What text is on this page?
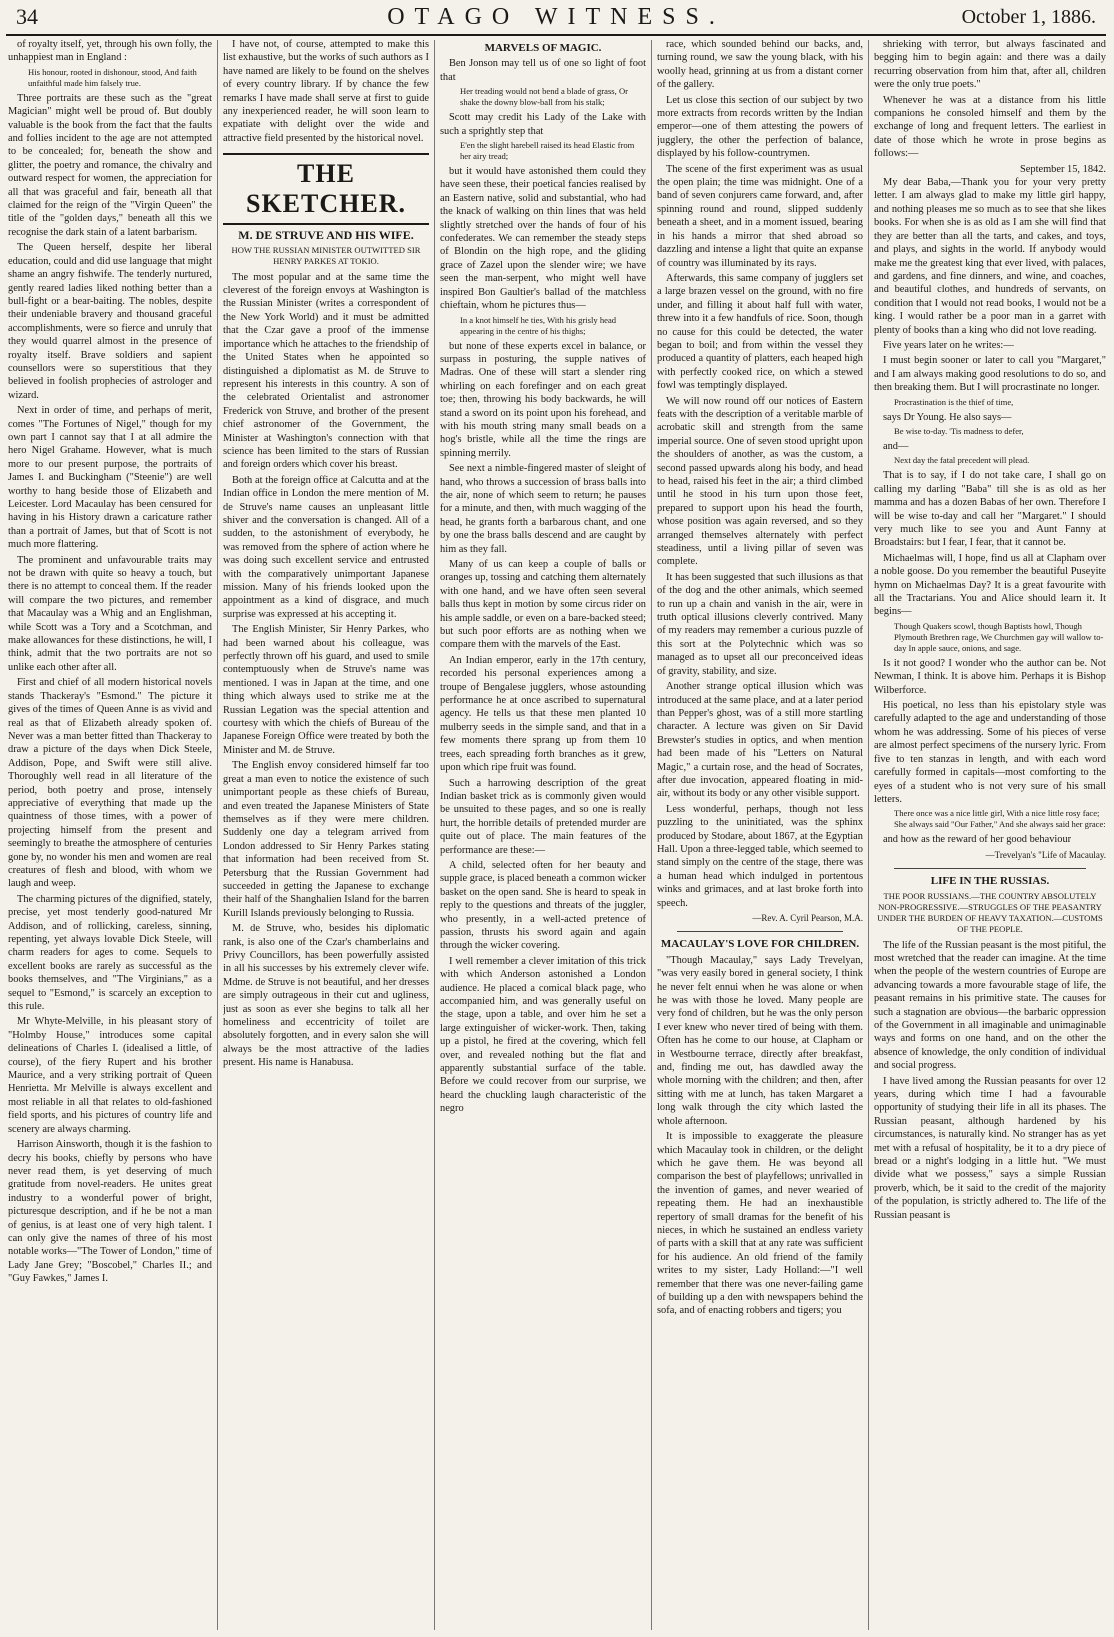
34	OTAGO WITNESS.	October 1, 1886.

of royalty itself, yet, through his own folly, the unhappiest man in England :

His honour, rooted in dishonour, stood, And faith unfaithful made him falsely true.

Three portraits are these such as the "great Magician" might well be proud of. But doubly valuable is the book from the fact that the faults and follies incident to the age are not attempted to be concealed; for, beneath the show and glitter, the poetry and romance, the chivalry and outward respect for women, the appreciation for all that was graceful and fair, beneath all that claimed for the reign of the "Virgin Queen" the title of the "golden days," beneath all this we recognise the dark stain of a latent barbarism.

The Queen herself, despite her liberal education, could and did use language that might shame an angry fishwife. The tenderly nurtured, gently reared ladies liked nothing better than a bull-fight or a bear-baiting. The nobles, despite their undeniable bravery and thousand graceful accomplishments, were so fierce and unruly that they would quarrel almost in the presence of royalty itself. Brave soldiers and sapient counsellors were so superstitious that they believed in foolish prophecies of astrologer and wizard.

Next in order of time, and perhaps of merit, comes "The Fortunes of Nigel," though for my own part I cannot say that I at all admire the hero Nigel Grahame. However, what is much more to our present purpose, the portraits of James I. and Buckingham ("Steenie") are well worthy to hang beside those of Elizabeth and Leicester. Lord Macaulay has been censured for having in his History drawn a caricature rather than a portrait of James, but that of Scott is not much more flattering.

The prominent and unfavourable traits may not be drawn with quite so heavy a touch, but there is no attempt to conceal them. If the reader will compare the two pictures, and remember that Macaulay was a Whig and an Englishman, while Scott was a Tory and a Scotchman, and make allowances for these distinctions, he will, I think, admit that the two portraits are not so unlike each other after all.

First and chief of all modern historical novels stands Thackeray's "Esmond." The picture it gives of the times of Queen Anne is as vivid and real as that of Elizabeth already spoken of. Never was a man better fitted than Thackeray to draw a picture of the days when Dick Steele, Addison, Pope, and Swift were still alive. Thoroughly well read in all literature of the period, both poetry and prose, intensely appreciative of everything that made up the quaintness of those times, with a power of projecting himself from the present and seemingly to breathe the atmosphere of centuries gone by, no wonder his men and women are real creatures of flesh and blood, with whom we laugh and weep.

The charming pictures of the dignified, stately, precise, yet most tenderly good-natured Mr Addison, and of rollicking, careless, sinning, repenting, yet always lovable Dick Steele, will charm readers for ages to come. Sequels to excellent books are rarely as successful as the books themselves, and "The Virginians," as a sequel to "Esmond," is scarcely an exception to this rule.

Mr Whyte-Melville, in his pleasant story of "Holmby House," introduces some capital delineations of Charles I. (idealised a little, of course), of the fiery Rupert and his brother Maurice, and a very striking portrait of Queen Henrietta. Mr Melville is always excellent and most reliable in all that relates to old-fashioned field sports, and his pictures of country life and scenery are always charming.

Harrison Ainsworth, though it is the fashion to decry his books, chiefly by persons who have never read them, is yet deserving of much gratitude from novel-readers. He unites great industry to a wonderful power of bright, picturesque description, and if he be not a man of genius, is at least one of very high talent. I can only give the names of three of his most notable works—"The Tower of London," time of Lady Jane Grey; "Boscobel," Charles II.; and "Guy Fawkes," James I.

I have not, of course, attempted to make this list exhaustive, but the works of such authors as I have named are likely to be found on the shelves of every country library. If by chance the few remarks I have made shall serve at first to guide any inexperienced reader, he will soon learn to expatiate with delight over the wide and attractive field presented by the historical novel.

THE SKETCHER.
M. DE STRUVE AND HIS WIFE.
HOW THE RUSSIAN MINISTER OUTWITTED SIR HENRY PARKES AT TOKIO.

The most popular and at the same time the cleverest of the foreign envoys at Washington is the Russian Minister (writes a correspondent of the New York World) and it must be admitted that the Czar gave a proof of the immense importance which he attaches to the friendship of the United States when he appointed so distinguished a diplomatist as M. de Struve to represent his interests in this country. A son of the celebrated Orientalist and astronomer Frederick von Struve, and brother of the present chief astronomer of the Government, the Minister at Washington's connection with that science has been limited to the stars of Russian and foreign orders which cover his breast.

Both at the foreign office at Calcutta and at the Indian office in London the mere mention of M. de Struve's name causes an unpleasant little shiver and the conversation is changed. All of a sudden, to the astonishment of everybody, he was removed from the sphere of action where he was doing such excellent service and entrusted with the comparatively unimportant Japanese mission. Many of his friends looked upon the appointment as a kind of disgrace, and much surprise was expressed at his accepting it.

The English Minister, Sir Henry Parkes, who had been warned about his colleague, was perfectly thrown off his guard, and used to smile contemptuously when de Struve's name was mentioned. I was in Japan at the time, and one thing which always used to strike me at the Russian Legation was the special attention and courtesy with which the chiefs of Bureau of the Japanese Foreign Office were treated by both the Minister and M. de Struve.

The English envoy considered himself far too great a man even to notice the existence of such unimportant people as these chiefs of Bureau, and even treated the Japanese Ministers of State themselves as if they were mere children. Suddenly one day a telegram arrived from London addressed to Sir Henry Parkes stating that information had been received from St. Petersburg that the Russian Government had succeeded in getting the Japanese to exchange their half of the Shanghalien Island for the barren Kurill Islands previously belonging to Russia.

M. de Struve, who, besides his diplomatic rank, is also one of the Czar's chamberlains and Privy Councillors, has been powerfully assisted in all his successes by his extremely clever wife. Mdme. de Struve is not beautiful, and her dresses are simply outrageous in their cut and ugliness, just as soon as ever she begins to talk all her homeliness and eccentricity of toilet are absolutely forgotten, and in every salon she will always be the most attractive of the ladies present. His name is Hanabusa.

MARVELS OF MAGIC.

Ben Jonson may tell us of one so light of foot that

Her treading would not bend a blade of grass, Or shake the downy blow-ball from his stalk;

Scott may credit his Lady of the Lake with such a sprightly step that

E'en the slight harebell raised its head Elastic from her airy tread;

but it would have astonished them could they have seen these, their poetical fancies realised by an Eastern native, solid and substantial, who had the knack of walking on thin lines that was held slightly stretched over the hands of four of his confederates. We can remember the steady steps of Blondin on the high rope, and the gliding grace of Zazel upon the slender wire; we have seen the man-serpent, who might well have inspired Bon Gaultier's ballad of the matchless chieftain, whom he pictures thus—

In a knot himself he ties, With his grisly head appearing in the centre of his thighs;

but none of these experts excel in balance, or surpass in posturing, the supple natives of Madras. One of these will start a slender ring whirling on each forefinger and on each great toe; then, throwing his body backwards, he will stand a sword on its point upon his forehead, and with his mouth string many small beads on a hog's bristle, while all the time the rings are spinning merrily.

See next a nimble-fingered master of sleight of hand, who throws a succession of brass balls into the air, none of which seem to return; he pauses for a minute, and then, with much wagging of the head, he grants forth a barbarous chant, and one by one the brass balls descend and are caught by him as they fall.

Many of us can keep a couple of balls or oranges up, tossing and catching them alternately with one hand, and we have often seen several balls thus kept in motion by some circus rider on his ample saddle, or even on a bare-backed steed; but such poor efforts are as nothing when we compare them with the marvels of the East.

An Indian emperor, early in the 17th century, recorded his personal experiences among a troupe of Bengalese jugglers, whose astounding performance he at once ascribed to supernatural agency. He tells us that these men planted 10 mulberry seeds in the simple sand, and that in a few moments there sprang up from them 10 trees, each spreading forth branches as it grew, upon which ripe fruit was found.

Such a harrowing description of the great Indian basket trick as is commonly given would be unsuited to these pages, and so one is really hurt, the horrible details of pretended murder are quite out of place. The main features of the performance are these:—

A child, selected often for her beauty and supple grace, is placed beneath a common wicker basket on the open sand. She is heard to speak in reply to the questions and threats of the juggler, who presently, in a well-acted pretence of passion, thrusts his sword again and again through the wicker covering.

I well remember a clever imitation of this trick with which Anderson astonished a London audience. He placed a comical black page, who accompanied him, and was generally useful on the stage, upon a table, and over him he set a large extinguisher of wicker-work. Then, taking up a pistol, he fired at the covering, which fell over, and revealed nothing but the flat and apparently substantial surface of the table. Before we could recover from our surprise, we heard the chuckling laugh characteristic of the negro

race, which sounded behind our backs, and, turning round, we saw the young black, with his woolly head, grinning at us from a distant corner of the gallery.

Let us close this section of our subject by two more extracts from records written by the Indian emperor—one of them attesting the powers of jugglery, the other the perfection of balance, displayed by his follow-countrymen.

The scene of the first experiment was as usual the open plain; the time was midnight. One of a band of seven conjurers came forward, and, after spinning round and round, slipped suddenly beneath a sheet, and in a moment issued, bearing in his hands a mirror that shed abroad so dazzling and intense a light that quite an expanse of country was illuminated by its rays.

Afterwards, this same company of jugglers set a large brazen vessel on the ground, with no fire under, and filling it about half full with water, threw into it a few handfuls of rice. Soon, though no cause for this could be detected, the water began to boil; and from within the vessel they produced a quantity of platters, each heaped high with perfectly cooked rice, on which a stewed fowl was temptingly displayed.

We will now round off our notices of Eastern feats with the description of a veritable marble of acrobatic skill and strength from the same imperial source. One of seven stood upright upon the shoulders of another, as was the custom, a second passed upwards along his body, and head to head, raised his feet in the air; a third climbed until he stood in his turn upon those feet, prepared to support upon his head the fourth, whose position was again reversed, and so they arranged themselves alternately with perfect steadiness, until a living pillar of seven was complete.

It has been suggested that such illusions as that of the dog and the other animals, which seemed to run up a chain and vanish in the air, were in truth optical illusions cleverly contrived. Many of my readers may remember a curious puzzle of this sort at the Polytechnic which was so managed as to upset all our preconceived ideas of gravity, stability, and size.

Another strange optical illusion which was introduced at the same place, and at a later period than Pepper's ghost, was of a still more startling character. A lecture was given on Sir David Brewster's studies in optics, and when mention had been made of his "Letters on Natural Magic," a curtain rose, and the head of Socrates, after due invocation, appeared floating in mid-air, without its body or any other visible support.

Less wonderful, perhaps, though not less puzzling to the uninitiated, was the sphinx produced by Stodare, about 1867, at the Egyptian Hall. Upon a three-legged table, which seemed to stand simply on the centre of the stage, there was a human head which indulged in portentous winks and grimaces, and at last broke forth into speech.

—Rev. A. Cyril Pearson, M.A.
MACAULAY'S LOVE FOR CHILDREN.

"Though Macaulay," says Lady Trevelyan, "was very easily bored in general society, I think he never felt ennui when he was alone or when he was with those he loved. Many people are very fond of children, but he was the only person I ever knew who never tired of being with them. Often has he come to our house, at Clapham or in Westbourne terrace, directly after breakfast, and, finding me out, has dawdled away the whole morning with the children; and then, after sitting with me at lunch, has taken Margaret a long walk through the city which lasted the whole afternoon.

It is impossible to exaggerate the pleasure which Macaulay took in children, or the delight which he gave them. He was beyond all comparison the best of playfellows; unrivalled in the invention of games, and never wearied of repeating them. He had an inexhaustible repertory of small dramas for the benefit of his nieces, in which he sustained an endless variety of parts with a skill that at any rate was sufficient for his audience. An old friend of the family writes to my sister, Lady Holland:—"I well remember that there was one never-failing game of building up a den with newspapers behind the sofa, and of enacting robbers and tigers; you

shrieking with terror, but always fascinated and begging him to begin again: and there was a daily recurring observation from him that, after all, children were the only true poets."

Whenever he was at a distance from his little companions he consoled himself and them by the exchange of long and frequent letters. The earliest in date of those which he wrote in prose begins as follows:—

September 15, 1842.

My dear Baba,—Thank you for your very pretty letter. I am always glad to make my little girl happy, and nothing pleases me so much as to see that she likes books. For when she is as old as I am she will find that they are better than all the tarts, and cakes, and toys, and plays, and sights in the world. If anybody would make me the greatest king that ever lived, with palaces, and gardens, and fine dinners, and wine, and coaches, and beautiful clothes, and hundreds of servants, on condition that I would not read books, I would not be a king. I would rather be a poor man in a garret with plenty of books than a king who did not love reading.

Five years later on he writes:—

I must begin sooner or later to call you "Margaret," and I am always making good resolutions to do so, and then breaking them. But I will procrastinate no longer.

Procrastination is the thief of time,

says Dr Young. He also says—

Be wise to-day. 'Tis madness to defer,

and—

Next day the fatal precedent will plead.

That is to say, if I do not take care, I shall go on calling my darling "Baba" till she is as old as her mamma and has a dozen Babas of her own. Therefore I will be wise to-day and call her "Margaret." I should very much like to see you and Aunt Fanny at Broadstairs: but I fear, I fear, that it cannot be.

Michaelmas will, I hope, find us all at Clapham over a noble goose. Do you remember the beautiful Puseyite hymn on Michaelmas Day? It is a great favourite with all the Tractarians. You and Alice should learn it. It begins—

Though Quakers scowl, though Baptists howl, Though Plymouth Brethren rage, We Churchmen gay will wallow to-day In apple sauce, onions, and sage.

Is it not good? I wonder who the author can be. Not Newman, I think. It is above him. Perhaps it is Bishop Wilberforce.

His poetical, no less than his epistolary style was carefully adapted to the age and understanding of those whom he was addressing. Some of his pieces of verse are almost perfect specimens of the nursery lyric. From five to ten stanzas in length, and with each word carefully formed in capitals—most comforting to the eyes of a student who is not very sure of his small letters.

There once was a nice little girl, With a nice little rosy face; She always said "Our Father," And she always said her grace:

and how as the reward of her good behaviour

—Trevelyan's "Life of Macaulay.
LIFE IN THE RUSSIAS.
THE POOR RUSSIANS.—THE COUNTRY ABSOLUTELY NON-PROGRESSIVE.—STRUGGLES OF THE PEASANTRY UNDER THE BURDEN OF HEAVY TAXATION.—CUSTOMS OF THE PEOPLE.

The life of the Russian peasant is the most pitiful, the most wretched that the reader can imagine. At the time when the people of the western countries of Europe are advancing towards a more favourable stage of life, the peasant remains in his primitive state. The causes for such a stagnation are obvious—the barbaric oppression of the Government in all imaginable and unimaginable ways and forms on one hand, and on the other the absence of knowledge, the only condition of individual and social progress.

I have lived among the Russian peasants for over 12 years, during which time I had a favourable opportunity of studying their life in all its phases. The Russian peasant, although hardened by his circumstances, is naturally kind. No stranger has as yet met with a refusal of hospitality, be it to a dry piece of bread or a night's lodging in a little hut. "We must divide what we possess," says a simple Russian proverb, which, be it said to the credit of the majority of the population, is strictly adhered to. The life of the Russian peasant is
